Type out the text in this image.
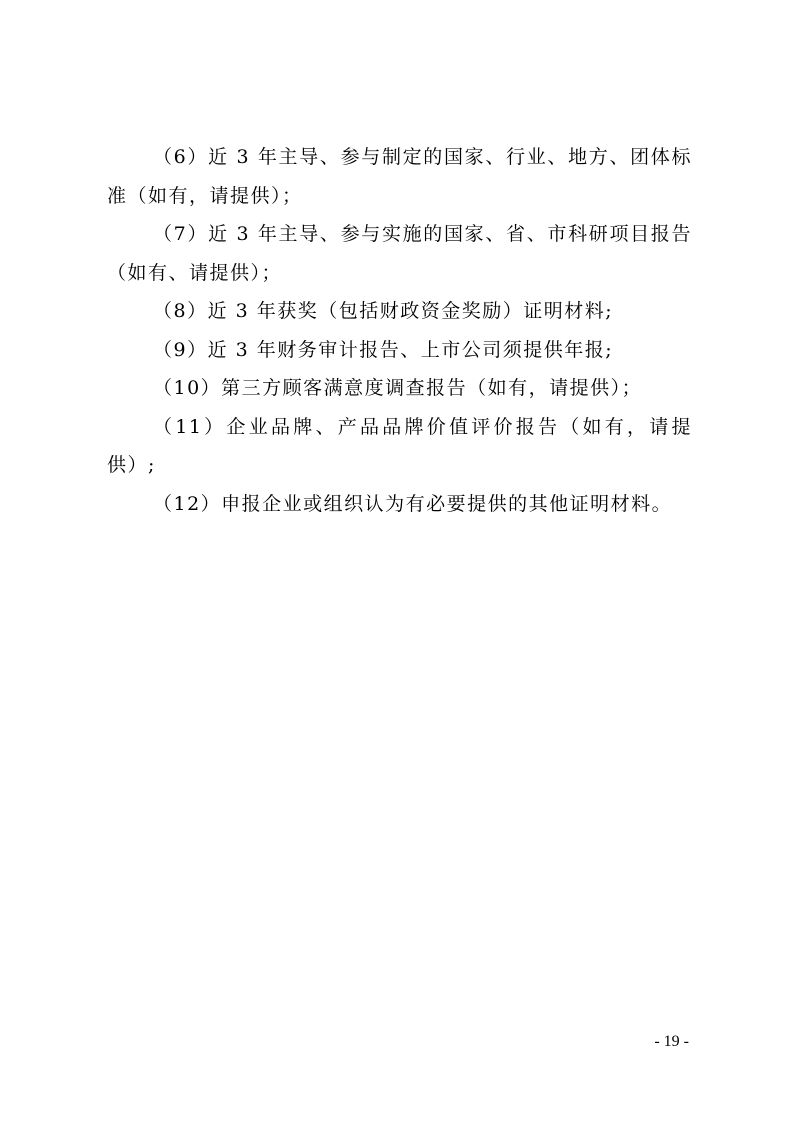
（6）近 3 年主导、参与制定的国家、行业、地方、团体标准（如有，请提供）；

（7）近 3 年主导、参与实施的国家、省、市科研项目报告（如有、请提供）；

（8）近 3 年获奖（包括财政资金奖励）证明材料;

（9）近 3 年财务审计报告、上市公司须提供年报;

（10）第三方顾客满意度调查报告（如有，请提供）；

（11）企业品牌、产品品牌价值评价报告（如有，请提供）;

（12）申报企业或组织认为有必要提供的其他证明材料。

- 19 -
